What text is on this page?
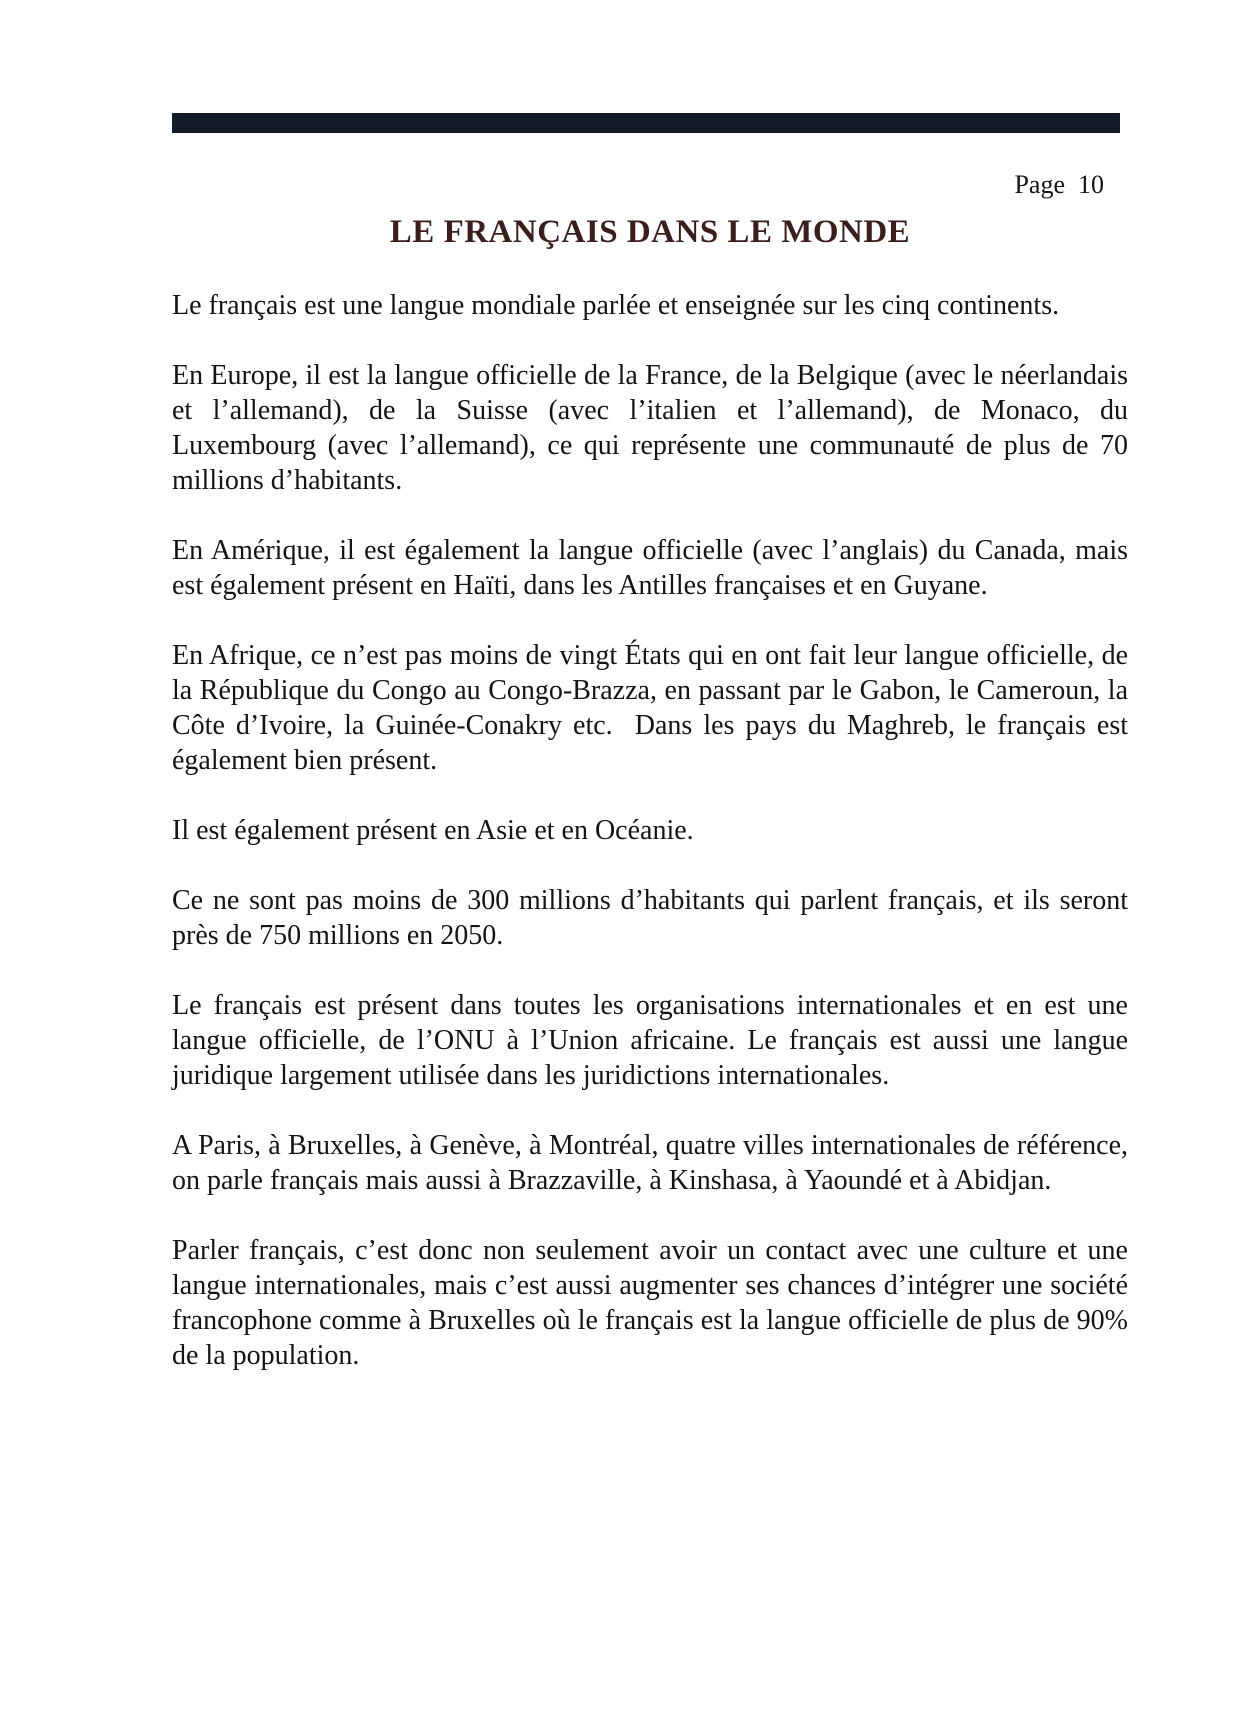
Page  10
LE FRANÇAIS DANS LE MONDE

Le français est une langue mondiale parlée et enseignée sur les cinq continents.

En Europe, il est la langue officielle de la France, de la Belgique (avec le néerlandais et l’allemand), de la Suisse (avec l’italien et l’allemand), de Monaco, du Luxembourg (avec l’allemand), ce qui représente une communauté de plus de 70 millions d’habitants.

En Amérique, il est également la langue officielle (avec l’anglais) du Canada, mais est également présent en Haïti, dans les Antilles françaises et en Guyane.

En Afrique, ce n’est pas moins de vingt États qui en ont fait leur langue officielle, de la République du Congo au Congo-Brazza, en passant par le Gabon, le Cameroun, la Côte d’Ivoire, la Guinée-Conakry etc.  Dans les pays du Maghreb, le français est également bien présent.

Il est également présent en Asie et en Océanie.

Ce ne sont pas moins de 300 millions d’habitants qui parlent français, et ils seront près de 750 millions en 2050.

Le français est présent dans toutes les organisations internationales et en est une langue officielle, de l’ONU à l’Union africaine. Le français est aussi une langue juridique largement utilisée dans les juridictions internationales.

A Paris, à Bruxelles, à Genève, à Montréal, quatre villes internationales de référence, on parle français mais aussi à Brazzaville, à Kinshasa, à Yaoundé et à Abidjan.

Parler français, c’est donc non seulement avoir un contact avec une culture et une langue internationales, mais c’est aussi augmenter ses chances d’intégrer une société francophone comme à Bruxelles où le français est la langue officielle de plus de 90% de la population.
